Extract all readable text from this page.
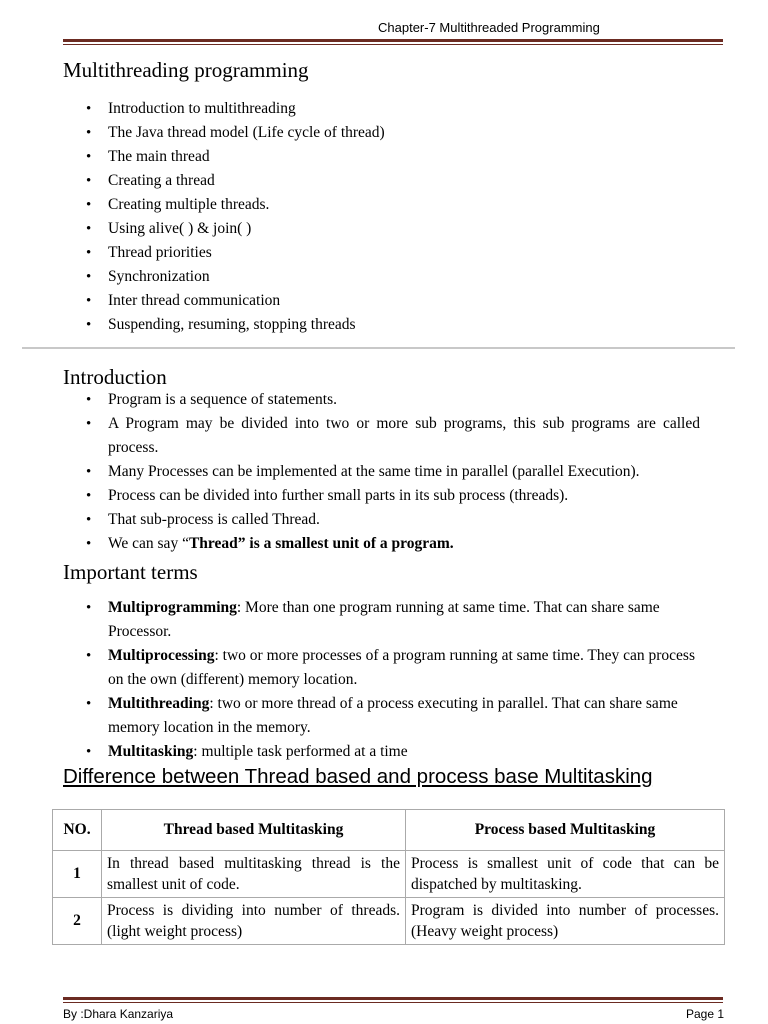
Chapter-7 Multithreaded Programming
Multithreading programming
• Introduction to multithreading
• The Java thread model (Life cycle of thread)
• The main thread
• Creating a thread
• Creating multiple threads.
• Using alive( ) & join( )
• Thread priorities
• Synchronization
• Inter thread communication
• Suspending, resuming, stopping threads
Introduction
• Program is a sequence of statements.
• A Program may be divided into two or more sub programs, this sub programs are called process.
• Many Processes can be implemented at the same time in parallel (parallel Execution).
• Process can be divided into further small parts in its sub process (threads).
• That sub-process is called Thread.
• We can say “Thread” is a smallest unit of a program.
Important terms
• Multiprogramming: More than one program running at same time. That can share same Processor.
• Multiprocessing: two or more processes of a program running at same time. They can process on the own (different) memory location.
• Multithreading: two or more thread of a process executing in parallel. That can share same memory location in the memory.
• Multitasking: multiple task performed at a time
Difference between Thread based and process base Multitasking
NO.	Thread based Multitasking	Process based Multitasking
1	In thread based multitasking thread is the smallest unit of code.	Process is smallest unit of code that can be dispatched by multitasking.
2	Process is dividing into number of threads. (light weight process)	Program is divided into number of processes. (Heavy weight process)
By :Dhara Kanzariya	Page 1
